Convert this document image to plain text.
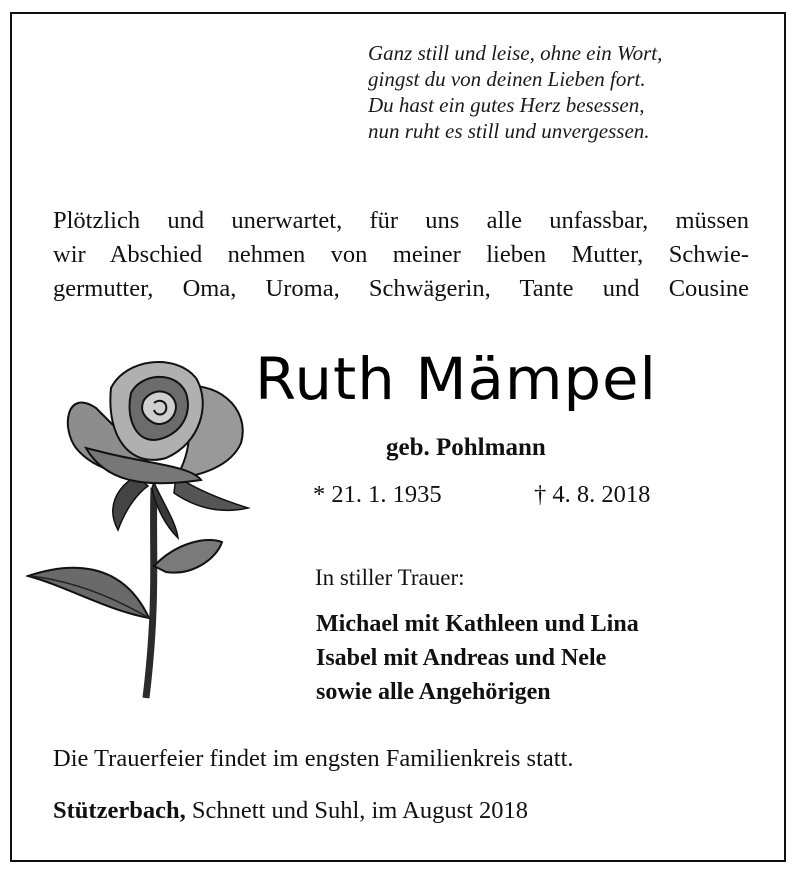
Ganz still und leise, ohne ein Wort,
gingst du von deinen Lieben fort.
Du hast ein gutes Herz besessen,
nun ruht es still und unvergessen.
Plötzlich und unerwartet, für uns alle unfassbar, müssen
wir Abschied nehmen von meiner lieben Mutter, Schwie-
germutter, Oma, Uroma, Schwägerin, Tante und Cousine
Ruth Mämpel
geb. Pohlmann
* 21. 1. 1935	† 4. 8. 2018
In stiller Trauer:
Michael mit Kathleen und Lina
Isabel mit Andreas und Nele
sowie alle Angehörigen
Die Trauerfeier findet im engsten Familienkreis statt.
Stützerbach, Schnett und Suhl, im August 2018
